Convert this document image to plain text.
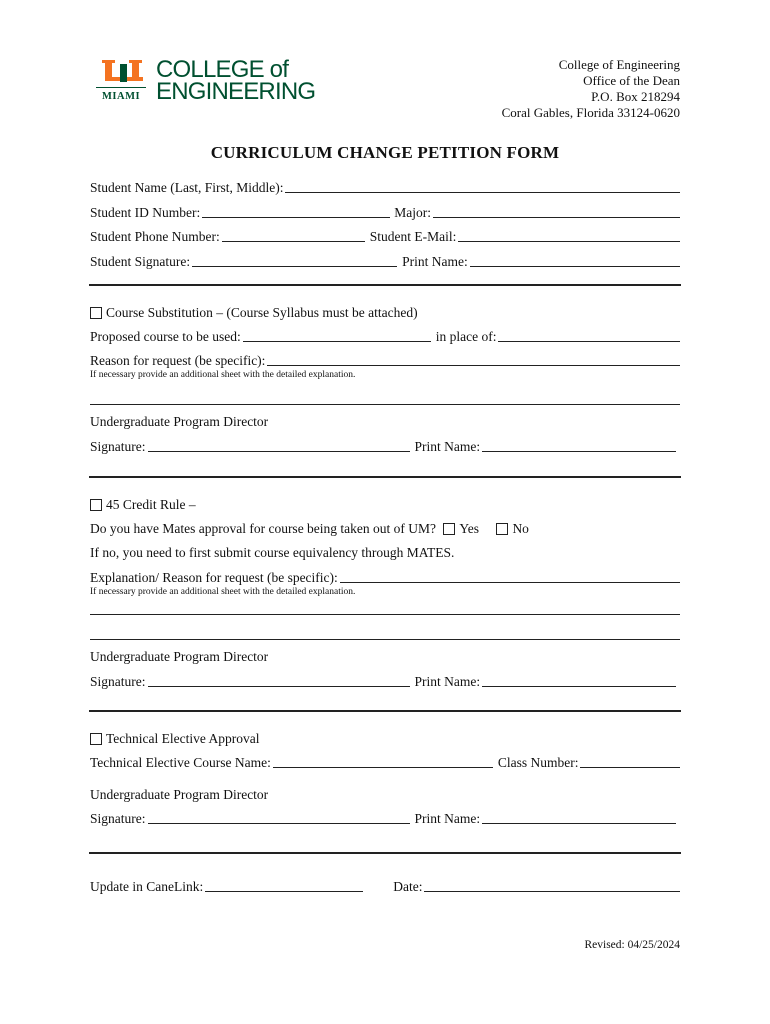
MIAMI
COLLEGE of
ENGINEERING
College of Engineering
Office of the Dean
P.O. Box 218294
Coral Gables, Florida 33124-0620
CURRICULUM CHANGE PETITION FORM
Student Name (Last, First, Middle):
Student ID Number:	Major:
Student Phone Number:	Student E-Mail:
Student Signature:	Print Name:
Course Substitution – (Course Syllabus must be attached)
Proposed course to be used:	in place of:
Reason for request (be specific):
If necessary provide an additional sheet with the detailed explanation.
Undergraduate Program Director
Signature:	Print Name:
45 Credit Rule –
Do you have Mates approval for course being taken out of UM? Yes No
If no, you need to first submit course equivalency through MATES.
Explanation/ Reason for request (be specific):
If necessary provide an additional sheet with the detailed explanation.
Undergraduate Program Director
Signature:	Print Name:
Technical Elective Approval
Technical Elective Course Name:	Class Number:
Undergraduate Program Director
Signature:	Print Name:
Update in CaneLink:	Date:
Revised: 04/25/2024
